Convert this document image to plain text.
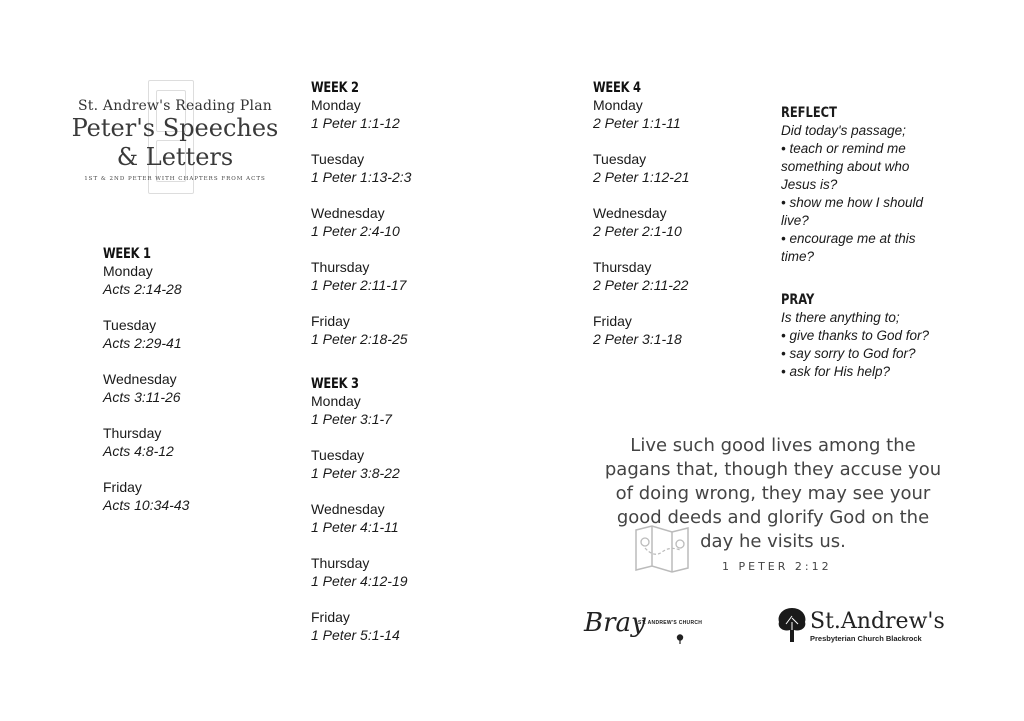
St. Andrew's Reading Plan
Peter's Speeches
& Letters
1ST & 2ND PETER WITH CHAPTERS FROM ACTS
WEEK 1
Monday
Acts 2:14-28
Tuesday
Acts 2:29-41
Wednesday
Acts 3:11-26
Thursday
Acts 4:8-12
Friday
Acts 10:34-43
WEEK 2
Monday
1 Peter 1:1-12
Tuesday
1 Peter 1:13-2:3
Wednesday
1 Peter 2:4-10
Thursday
1 Peter 2:11-17
Friday
1 Peter 2:18-25
WEEK 3
Monday
1 Peter 3:1-7
Tuesday
1 Peter 3:8-22
Wednesday
1 Peter 4:1-11
Thursday
1 Peter 4:12-19
Friday
1 Peter 5:1-14
WEEK 4
Monday
2 Peter 1:1-11
Tuesday
2 Peter 1:12-21
Wednesday
2 Peter 2:1-10
Thursday
2 Peter 2:11-22
Friday
2 Peter 3:1-18
REFLECT
Did today's passage;
• teach or remind me
something about who
Jesus is?
• show me how I should
live?
• encourage me at this
time?
PRAY
Is there anything to;
• give thanks to God for?
• say sorry to God for?
• ask for His help?
Live such good lives among the
pagans that, though they accuse you
of doing wrong, they may see your
good deeds and glorify God on the
day he visits us.
1 PETER 2:12
Bray
ST. ANDREW'S CHURCH	St.Andrew's
Presbyterian Church Blackrock
